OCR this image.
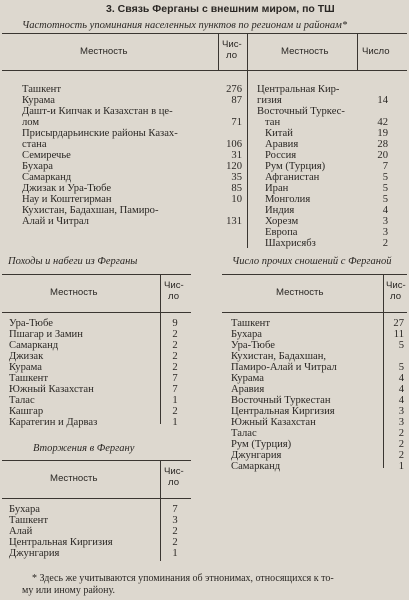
3. Связь Ферганы с внешним миром, по ТШ
Частотность упоминания населенных пунктов по регионам и районам*
Местность
Чис-
ло	Местность	Число
Ташкент
Курама
Дашт-и Кипчак и Казахстан в це-
лом
Присырдарьинские районы Казах-
стана
Семиречье
Бухара
Самарканд
Джизак и Ура-Тюбе
Нау и Коштегирман
Кухистан, Бадахшан, Памиро-
Алай и Читрал
276
87
71
106
31
120
35
85
10
131
Центральная Кир-
гизия
Восточный Туркес-
тан
Китай
Аравия
Россия
Рум (Турция)
Афганистан
Иран
Монголия
Индия
Хорезм
Европа
Шахрисябз
14
42
19
28
20
7
5
5
5
4
3
3
2
Походы и набеги из Ферганы
Местность
Чис-
ло
Ура-Тюбе
Пшагар и Замин
Самарканд
Джизак
Курама
Ташкент
Южный Казахстан
Талас
Кашгар
Каратегин и Дарваз
9
2
2
2
2
7
7
1
2
1
Число прочих сношений с Ферганой
Местность
Чис-
ло
Ташкент
Бухара
Ура-Тюбе
Кухистан, Бадахшан,
Памиро-Алай и Читрал
Курама
Аравия
Восточный Туркестан
Центральная Киргизия
Южный Казахстан
Талас
Рум (Турция)
Джунгария
Самарканд
27
11
5
5
4
4
4
3
3
2
2
2
1
Вторжения в Фергану
Местность
Чис-
ло
Бухара
Ташкент
Алай
Центральная Киргизия
Джунгария
7
3
2
2
1
* Здесь же учитываются упоминания об этнонимах, относящихся к то-
му или иному району.
